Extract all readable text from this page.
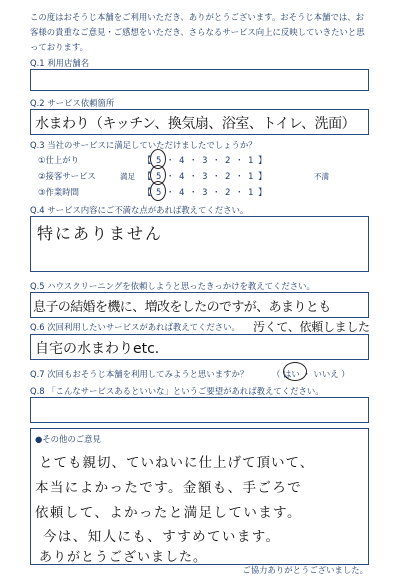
この度はおそうじ本舗をご利用いただき、ありがとうございます。おそうじ本舗では、お客様の貴重なご意見・ご感想をいただき、さらなるサービス向上に反映していきたいと思っております。
Q.1 利用店舗名
Q.2 サービス依頼箇所
水まわり（キッチン、換気扇、浴室、トイレ、洗面）
Q.3 当社のサービスに満足していただけましたでしょうか？
①仕上がり	【 5 ・ 4 ・ 3 ・ 2 ・ 1 】
②接客サービス	満足 【 5 ・ 4 ・ 3 ・ 2 ・ 1 】	不満
③作業時間	【 5 ・ 4 ・ 3 ・ 2 ・ 1 】
Q.4 サービス内容にご不満な点があれば教えてください。
特にありません
Q.5 ハウスクリーニングを依頼しようと思ったきっかけを教えてください。
息子の結婚を機に、増改をしたのですが、あまりとも
汚くて、依頼しました
Q.6 次回利用したいサービスがあれば教えてください。
自宅の水まわりetc.
Q.7 次回もおそうじ本舗を利用してみようと思いますか？	（ はい ・ いいえ ）
Q.8 「こんなサービスあるといいな」というご要望があれば教えてください。
●その他のご意見
とても親切、ていねいに仕上げて頂いて、
本当によかったです。金額も、手ごろで
依頼して、よかったと満足しています。
今は、知人にも、すすめています。
ありがとうございました。
ご協力ありがとうございました。
